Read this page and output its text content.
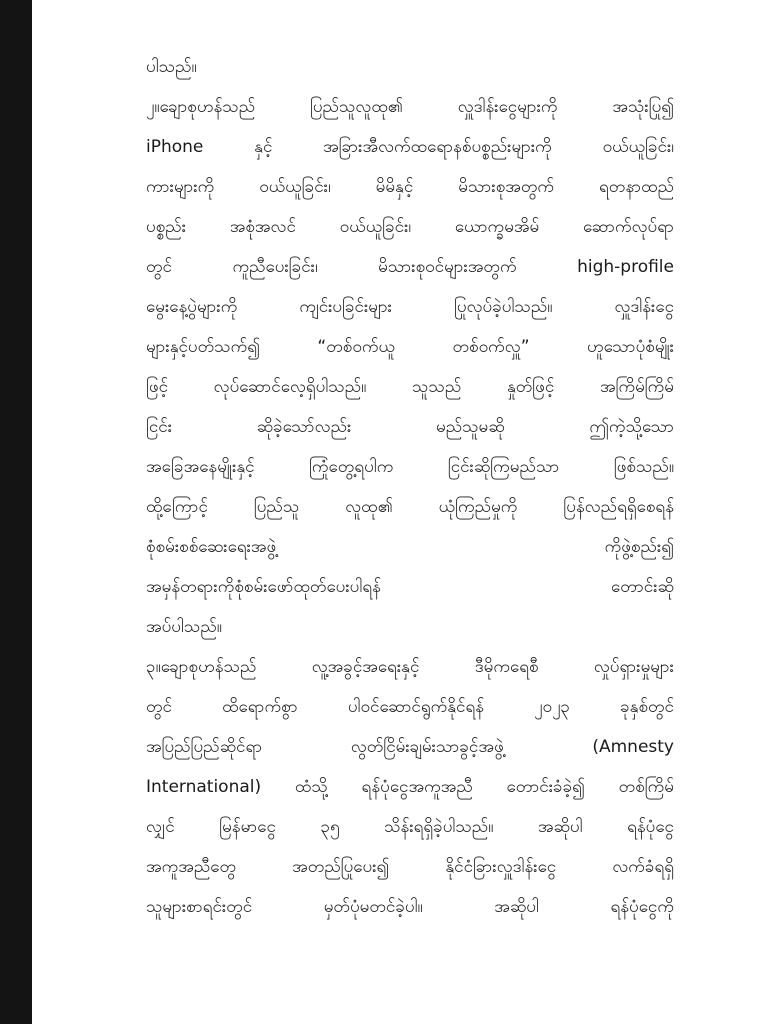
ပါသည်။
၂။ချောစုဟန်သည် ပြည်သူလူထု၏ လှူဒါန်းငွေများကို အသုံးပြု၍
iPhone နှင့် အခြားအီလက်ထရောနစ်ပစ္စည်းများကို ဝယ်ယူခြင်း၊
ကားများကို ဝယ်ယူခြင်း၊ မိမိနှင့် မိသားစုအတွက် ရတနာထည်
ပစ္စည်း အစုံအလင် ဝယ်ယူခြင်း၊ ယောက္ခမအိမ် ဆောက်လုပ်ရာ
တွင် ကူညီပေးခြင်း၊ မိသားစုဝင်များအတွက် high-profile
မွေးနေ့ပွဲများကို ကျင်းပခြင်းများ ပြုလုပ်ခဲ့ပါသည်။ လှူဒါန်းငွေ
များနှင့်ပတ်သက်၍ “တစ်ဝက်ယူ တစ်ဝက်လှူ” ဟူသောပုံစံမျိုး
ဖြင့် လုပ်ဆောင်လေ့ရှိပါသည်။ သူသည် နှုတ်ဖြင့် အကြိမ်ကြိမ်
ငြင်း ဆိုခဲ့သော်လည်း မည်သူမဆို ဤကဲ့သို့သော
အခြေအနေမျိုးနှင့် ကြုံတွေ့ရပါက ငြင်းဆိုကြမည်သာ ဖြစ်သည်။
ထို့ကြောင့် ပြည်သူ လူထု၏ ယုံကြည်မှုကို ပြန်လည်ရရှိစေရန်
စုံစမ်းစစ်ဆေးရေးအဖွဲ့ ကိုဖွဲ့စည်း၍
အမှန်တရားကိုစုံစမ်းဖော်ထုတ်ပေးပါရန် တောင်းဆို
အပ်ပါသည်။
၃။ချောစုဟန်သည် လူ့အခွင့်အရေးနှင့် ဒီမိုကရေစီ လှုပ်ရှားမှုများ
တွင် ထိရောက်စွာ ပါဝင်ဆောင်ရွက်နိုင်ရန် ၂၀၂၃ ခုနှစ်တွင်
အပြည်ပြည်ဆိုင်ရာ လွတ်ငြိမ်းချမ်းသာခွင့်အဖွဲ့ (Amnesty
International) ထံသို့ ရန်ပုံငွေအကူအညီ တောင်းခံခဲ့၍ တစ်ကြိမ်
လျှင် မြန်မာငွေ ၃၅ သိန်းရရှိခဲ့ပါသည်။ အဆိုပါ ရန်ပုံငွေ
အကူအညီတွေ အတည်ပြုပေး၍ နိုင်ငံခြားလှူဒါန်းငွေ လက်ခံရရှိ
သူများစာရင်းတွင် မှတ်ပုံမတင်ခဲ့ပါ။ အဆိုပါ ရန်ပုံငွေကို
